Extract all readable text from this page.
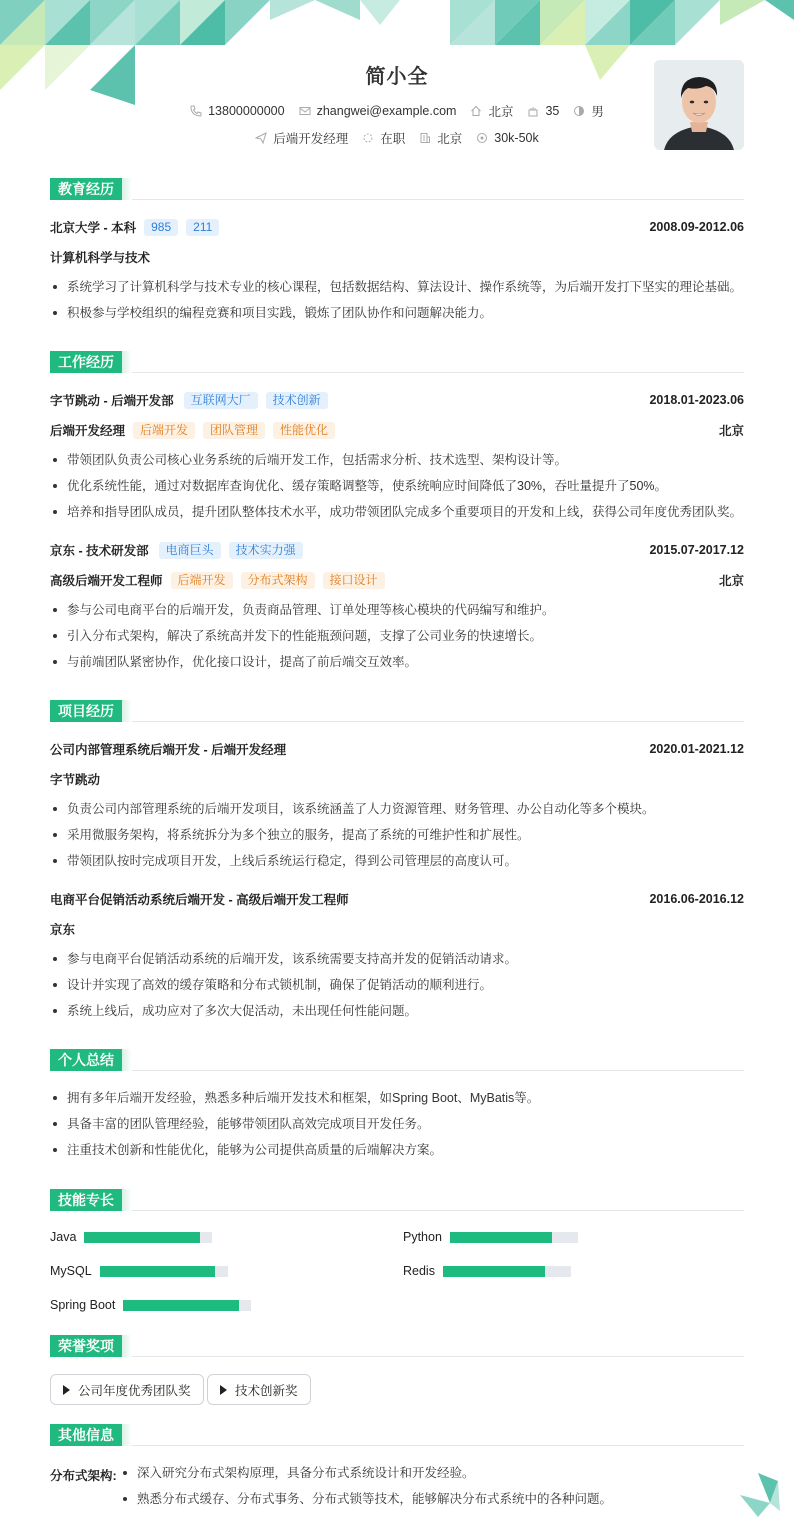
简小全
13800000000	zhangwei@example.com	北京	35	男
后端开发经理	在职	北京	30k-50k
教育经历
北京大学 - 本科	985	211	2008.09-2012.06
计算机科学与技术
系统学习了计算机科学与技术专业的核心课程，包括数据结构、算法设计、操作系统等，为后端开发打下坚实的理论基础。
积极参与学校组织的编程竞赛和项目实践，锻炼了团队协作和问题解决能力。
工作经历
字节跳动 - 后端开发部	互联网大厂	技术创新	2018.01-2023.06
后端开发经理	后端开发	团队管理	性能优化	北京
带领团队负责公司核心业务系统的后端开发工作，包括需求分析、技术选型、架构设计等。
优化系统性能，通过对数据库查询优化、缓存策略调整等，使系统响应时间降低了30%，吞吐量提升了50%。
培养和指导团队成员，提升团队整体技术水平，成功带领团队完成多个重要项目的开发和上线，获得公司年度优秀团队奖。
京东 - 技术研发部	电商巨头	技术实力强	2015.07-2017.12
高级后端开发工程师	后端开发	分布式架构	接口设计	北京
参与公司电商平台的后端开发，负责商品管理、订单处理等核心模块的代码编写和维护。
引入分布式架构，解决了系统高并发下的性能瓶颈问题，支撑了公司业务的快速增长。
与前端团队紧密协作，优化接口设计，提高了前后端交互效率。
项目经历
公司内部管理系统后端开发 - 后端开发经理	2020.01-2021.12
字节跳动
负责公司内部管理系统的后端开发项目，该系统涵盖了人力资源管理、财务管理、办公自动化等多个模块。
采用微服务架构，将系统拆分为多个独立的服务，提高了系统的可维护性和扩展性。
带领团队按时完成项目开发，上线后系统运行稳定，得到公司管理层的高度认可。
电商平台促销活动系统后端开发 - 高级后端开发工程师	2016.06-2016.12
京东
参与电商平台促销活动系统的后端开发，该系统需要支持高并发的促销活动请求。
设计并实现了高效的缓存策略和分布式锁机制，确保了促销活动的顺利进行。
系统上线后，成功应对了多次大促活动，未出现任何性能问题。
个人总结
拥有多年后端开发经验，熟悉多种后端开发技术和框架，如Spring Boot、MyBatis等。
具备丰富的团队管理经验，能够带领团队高效完成项目开发任务。
注重技术创新和性能优化，能够为公司提供高质量的后端解决方案。
技能专长
Java	Python
MySQL	Redis
Spring Boot
荣誉奖项
公司年度优秀团队奖	技术创新奖
其他信息
分布式架构:	深入研究分布式架构原理，具备分布式系统设计和开发经验。
熟悉分布式缓存、分布式事务、分布式锁等技术，能够解决分布式系统中的各种问题。
